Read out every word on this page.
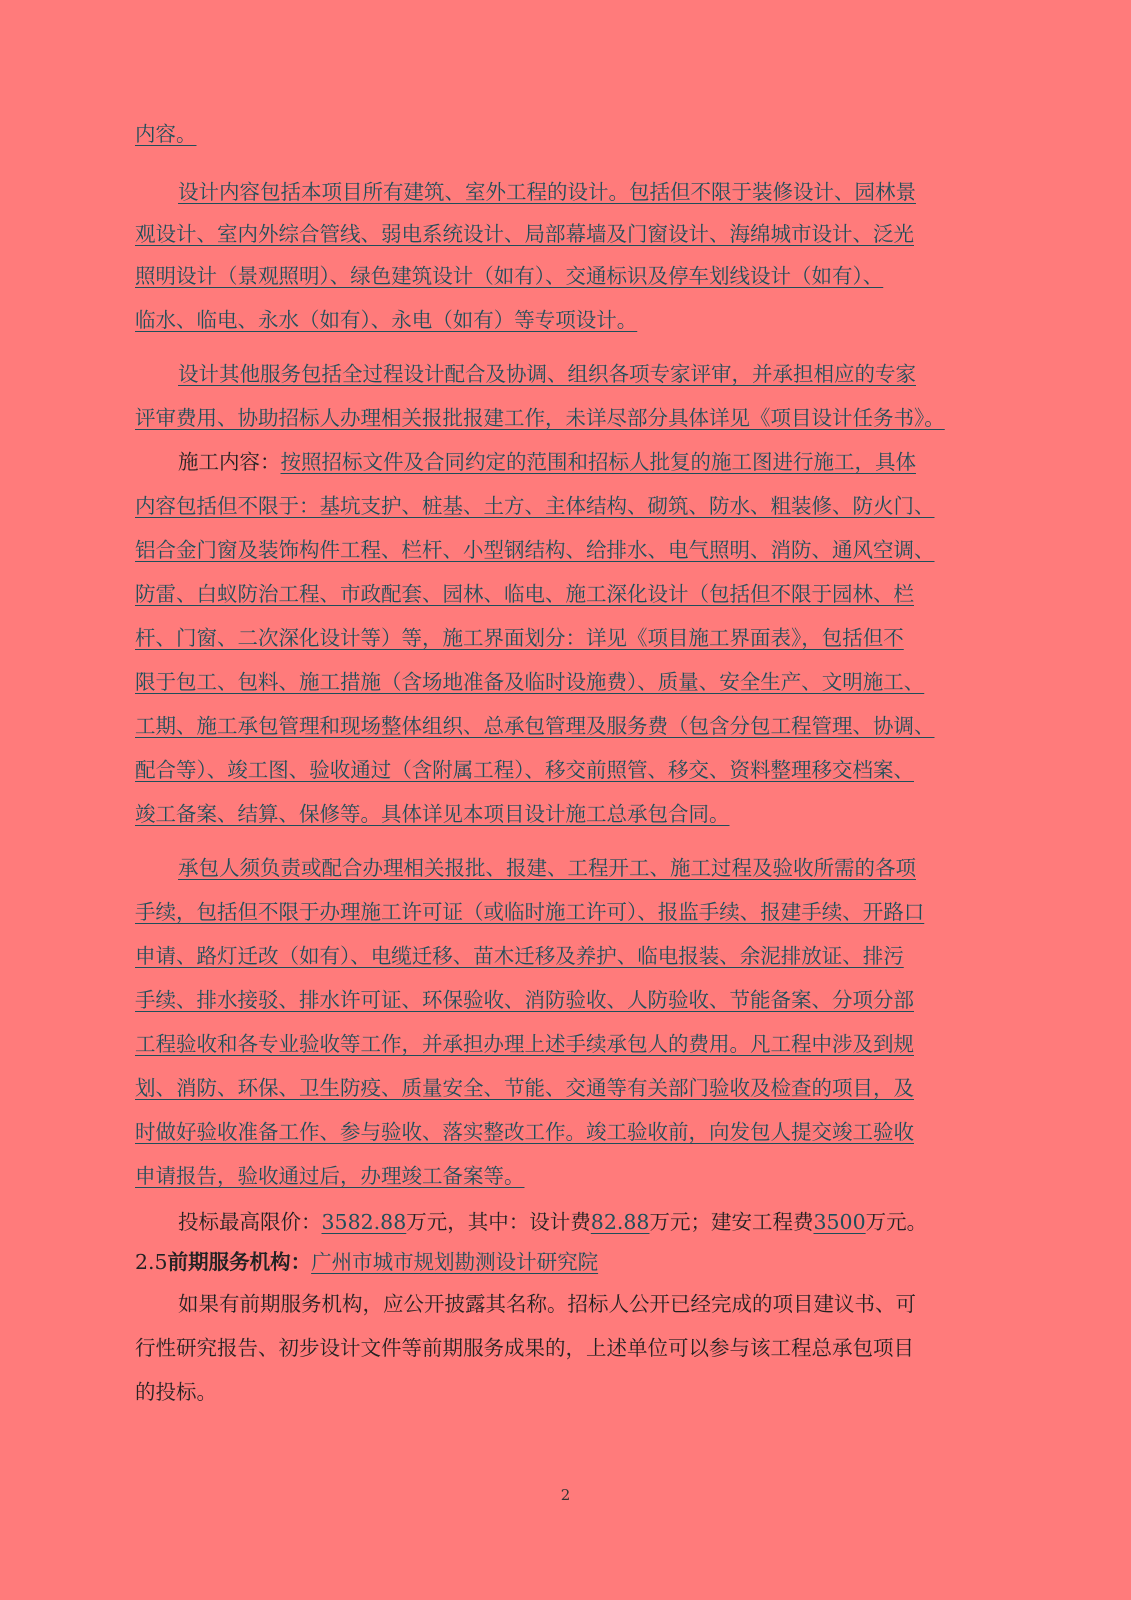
内容。
设计内容包括本项目所有建筑、室外工程的设计。包括但不限于装修设计、园林景
观设计、室内外综合管线、弱电系统设计、局部幕墙及门窗设计、海绵城市设计、泛光
照明设计（景观照明）、绿色建筑设计（如有）、交通标识及停车划线设计（如有）、
临水、临电、永水（如有）、永电（如有）等专项设计。
设计其他服务包括全过程设计配合及协调、组织各项专家评审，并承担相应的专家
评审费用、协助招标人办理相关报批报建工作，未详尽部分具体详见《项目设计任务书》。
施工内容：按照招标文件及合同约定的范围和招标人批复的施工图进行施工，具体
内容包括但不限于：基坑支护、桩基、土方、主体结构、砌筑、防水、粗装修、防火门、
铝合金门窗及装饰构件工程、栏杆、小型钢结构、给排水、电气照明、消防、通风空调、
防雷、白蚁防治工程、市政配套、园林、临电、施工深化设计（包括但不限于园林、栏
杆、门窗、二次深化设计等）等，施工界面划分：详见《项目施工界面表》，包括但不
限于包工、包料、施工措施（含场地准备及临时设施费）、质量、安全生产、文明施工、
工期、施工承包管理和现场整体组织、总承包管理及服务费（包含分包工程管理、协调、
配合等）、竣工图、验收通过（含附属工程）、移交前照管、移交、资料整理移交档案、
竣工备案、结算、保修等。具体详见本项目设计施工总承包合同。
承包人须负责或配合办理相关报批、报建、工程开工、施工过程及验收所需的各项
手续，包括但不限于办理施工许可证（或临时施工许可）、报监手续、报建手续、开路口
申请、路灯迁改（如有）、电缆迁移、苗木迁移及养护、临电报装、余泥排放证、排污
手续、排水接驳、排水许可证、环保验收、消防验收、人防验收、节能备案、分项分部
工程验收和各专业验收等工作，并承担办理上述手续承包人的费用。凡工程中涉及到规
划、消防、环保、卫生防疫、质量安全、节能、交通等有关部门验收及检查的项目，及
时做好验收准备工作、参与验收、落实整改工作。竣工验收前，向发包人提交竣工验收
申请报告，验收通过后，办理竣工备案等。
投标最高限价：3582.88万元，其中：设计费82.88万元；建安工程费3500万元。
2.5前期服务机构：广州市城市规划勘测设计研究院
如果有前期服务机构，应公开披露其名称。招标人公开已经完成的项目建议书、可
行性研究报告、初步设计文件等前期服务成果的，上述单位可以参与该工程总承包项目
的投标。
2
